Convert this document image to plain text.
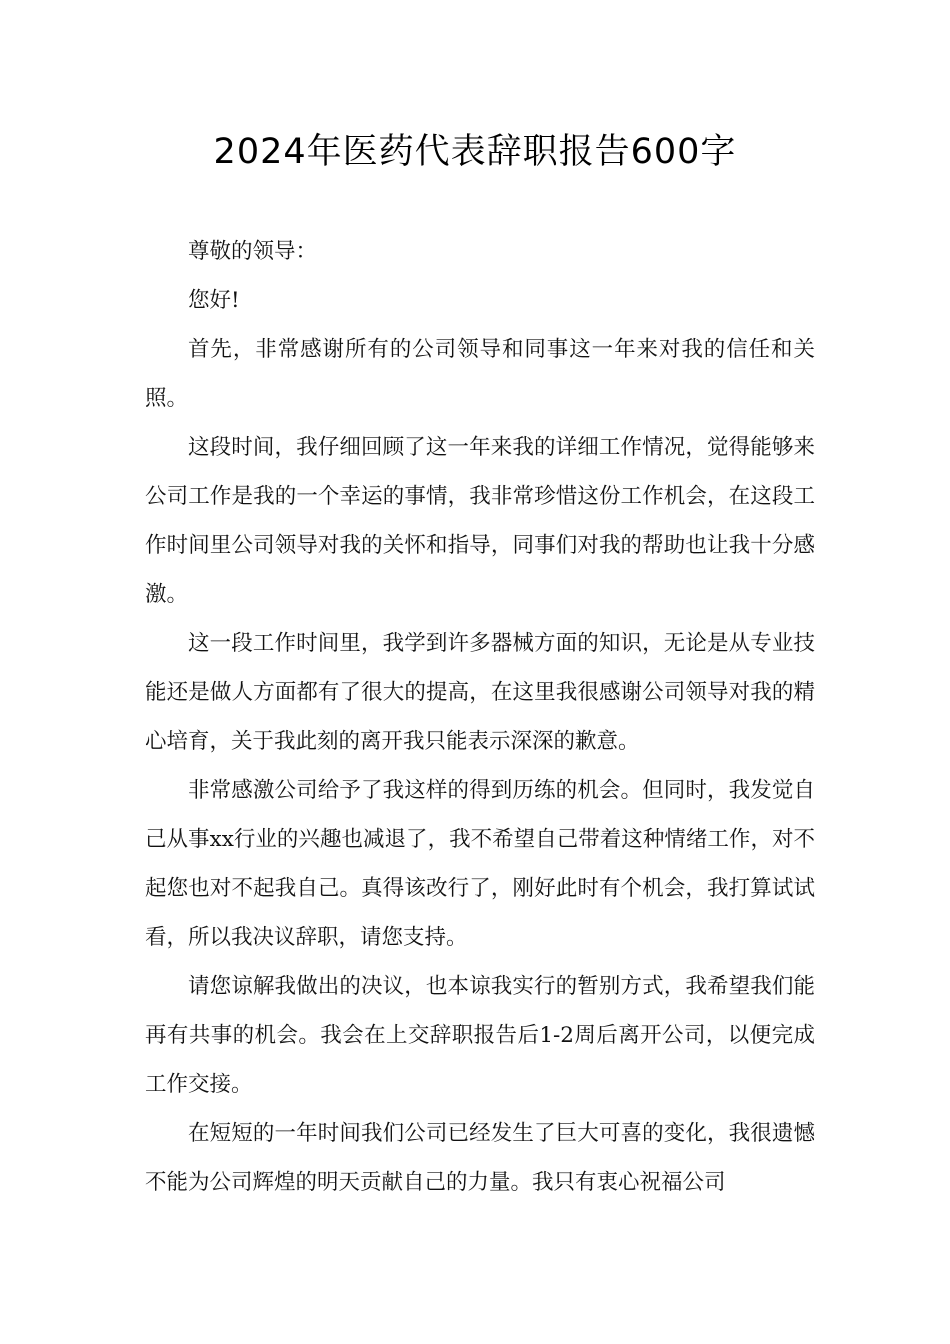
2024年医药代表辞职报告600字

尊敬的领导：

您好!

首先，非常感谢所有的公司领导和同事这一年来对我的信任和关照。

这段时间，我仔细回顾了这一年来我的详细工作情况，觉得能够来公司工作是我的一个幸运的事情，我非常珍惜这份工作机会，在这段工作时间里公司领导对我的关怀和指导，同事们对我的帮助也让我十分感激。

这一段工作时间里，我学到许多器械方面的知识，无论是从专业技能还是做人方面都有了很大的提高，在这里我很感谢公司领导对我的精心培育，关于我此刻的离开我只能表示深深的歉意。

非常感激公司给予了我这样的得到历练的机会。但同时，我发觉自己从事xx行业的兴趣也减退了，我不希望自己带着这种情绪工作，对不起您也对不起我自己。真得该改行了，刚好此时有个机会，我打算试试看，所以我决议辞职，请您支持。

请您谅解我做出的决议，也本谅我实行的暂别方式，我希望我们能再有共事的机会。我会在上交辞职报告后1-2周后离开公司，以便完成工作交接。

在短短的一年时间我们公司已经发生了巨大可喜的变化，我很遗憾不能为公司辉煌的明天贡献自己的力量。我只有衷心祝福公司
